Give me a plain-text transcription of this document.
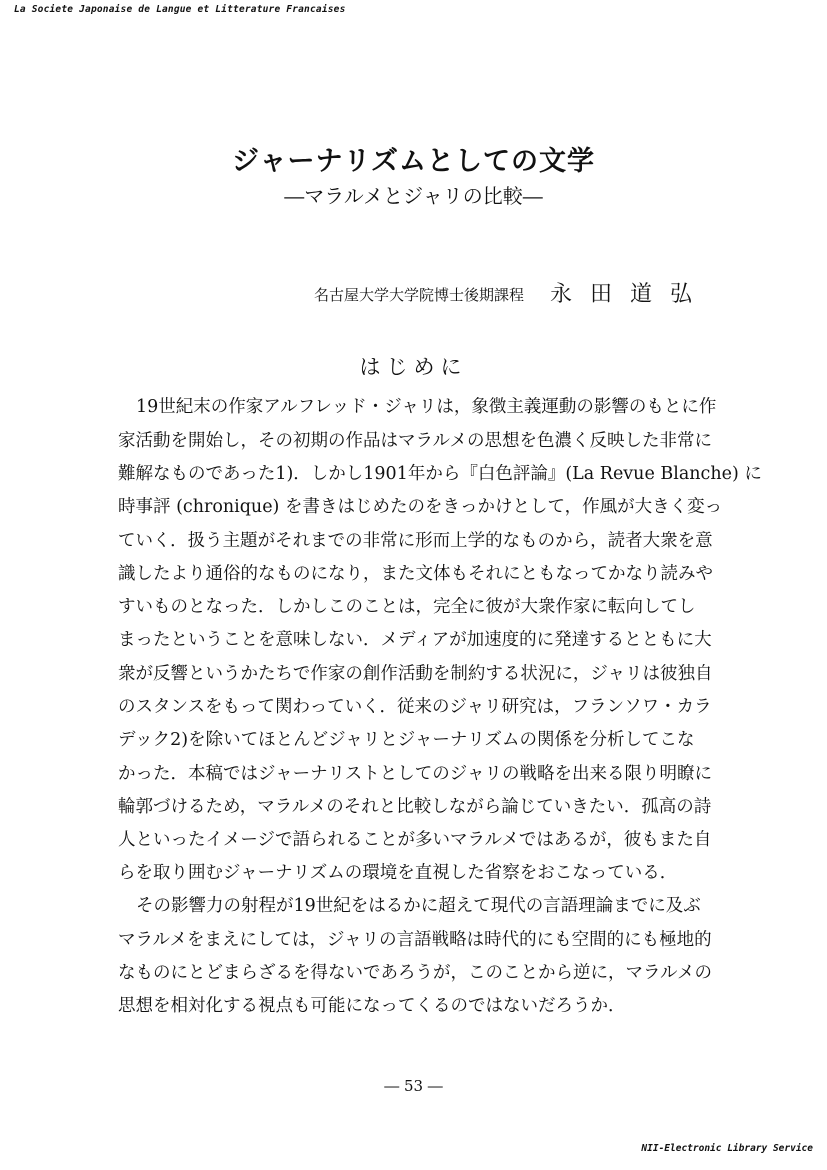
La Societe Japonaise de Langue et Litterature Francaises
ジャーナリズムとしての文学
―マラルメとジャリの比較―
名古屋大学大学院博士後期課程 永田道弘
はじめに
19世紀末の作家アルフレッド・ジャリは，象徴主義運動の影響のもとに作
家活動を開始し，その初期の作品はマラルメの思想を色濃く反映した非常に
難解なものであった1)．しかし1901年から『白色評論』(La Revue Blanche) に
時事評 (chronique) を書きはじめたのをきっかけとして，作風が大きく変っ
ていく．扱う主題がそれまでの非常に形而上学的なものから，読者大衆を意
識したより通俗的なものになり，また文体もそれにともなってかなり読みや
すいものとなった．しかしこのことは，完全に彼が大衆作家に転向してし
まったということを意味しない．メディアが加速度的に発達するとともに大
衆が反響というかたちで作家の創作活動を制約する状況に，ジャリは彼独自
のスタンスをもって関わっていく．従来のジャリ研究は，フランソワ・カラ
デック2)を除いてほとんどジャリとジャーナリズムの関係を分析してこな
かった．本稿ではジャーナリストとしてのジャリの戦略を出来る限り明瞭に
輪郭づけるため，マラルメのそれと比較しながら論じていきたい．孤高の詩
人といったイメージで語られることが多いマラルメではあるが，彼もまた自
らを取り囲むジャーナリズムの環境を直視した省察をおこなっている．
その影響力の射程が19世紀をはるかに超えて現代の言語理論までに及ぶ
マラルメをまえにしては，ジャリの言語戦略は時代的にも空間的にも極地的
なものにとどまらざるを得ないであろうが，このことから逆に，マラルメの
思想を相対化する視点も可能になってくるのではないだろうか．
― 53 ―
NII-Electronic Library Service
